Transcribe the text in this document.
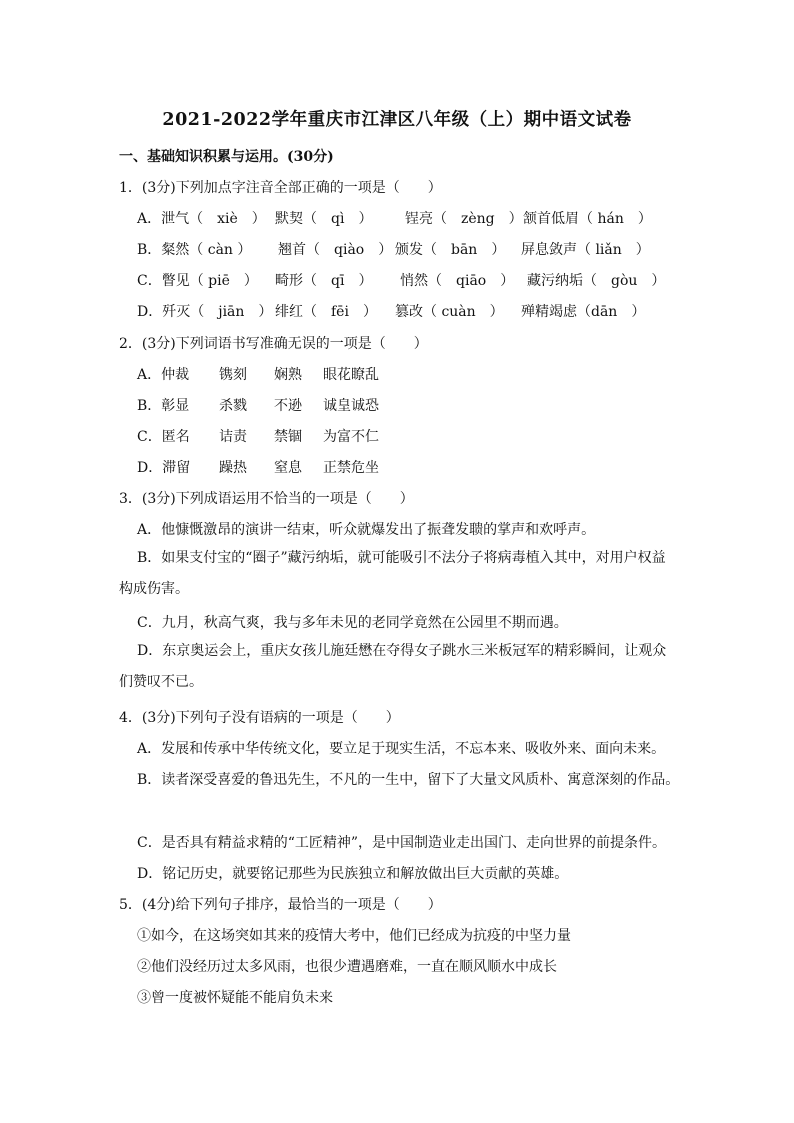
2021-2022学年重庆市江津区八年级（上）期中语文试卷
一、基础知识积累与运用。(30分)
1．(3分)下列加点字注音全部正确的一项是（　　）
A．泄气（　xiè　） 默契（　qì　） 锃亮（　zèng　） 颔首低眉（ hán　）
B．粲然（ càn ） 翘首（　qiào　） 颁发（　bān　） 屏息敛声（ liǎn　）
C．瞥见（ piē　） 畸形（　qī　） 悄然（　qiāo　） 藏污纳垢（　gòu　）
D．歼灭（　jiān　） 绯红（　fēi　） 篡改（ cuàn　） 殚精竭虑（dān　）
2．(3分)下列词语书写准确无误的一项是（　　）
A．仲裁 镌刻 娴熟 眼花瞭乱
B．彰显 杀戮 不逊 诚皇诚恐
C．匿名 诘责 禁锢 为富不仁
D．滞留 躁热 窒息 正禁危坐
3．(3分)下列成语运用不恰当的一项是（　　）
A．他慷慨激昂的演讲一结束，听众就爆发出了振聋发聩的掌声和欢呼声。
B．如果支付宝的“圈子”藏污纳垢，就可能吸引不法分子将病毒植入其中，对用户权益构成伤害。
C．九月，秋高气爽，我与多年未见的老同学竟然在公园里不期而遇。
D．东京奥运会上，重庆女孩儿施廷懋在夺得女子跳水三米板冠军的精彩瞬间，让观众们赞叹不已。
4．(3分)下列句子没有语病的一项是（　　）
A．发展和传承中华传统文化，要立足于现实生活，不忘本来、吸收外来、面向未来。
B．读者深受喜爱的鲁迅先生，不凡的一生中，留下了大量文风质朴、寓意深刻的作品。
C．是否具有精益求精的“工匠精神”，是中国制造业走出国门、走向世界的前提条件。
D．铭记历史，就要铭记那些为民族独立和解放做出巨大贡献的英雄。
5．(4分)给下列句子排序，最恰当的一项是（　　）
①如今，在这场突如其来的疫情大考中，他们已经成为抗疫的中坚力量
②他们没经历过太多风雨，也很少遭遇磨难，一直在顺风顺水中成长
③曾一度被怀疑能不能肩负未来
